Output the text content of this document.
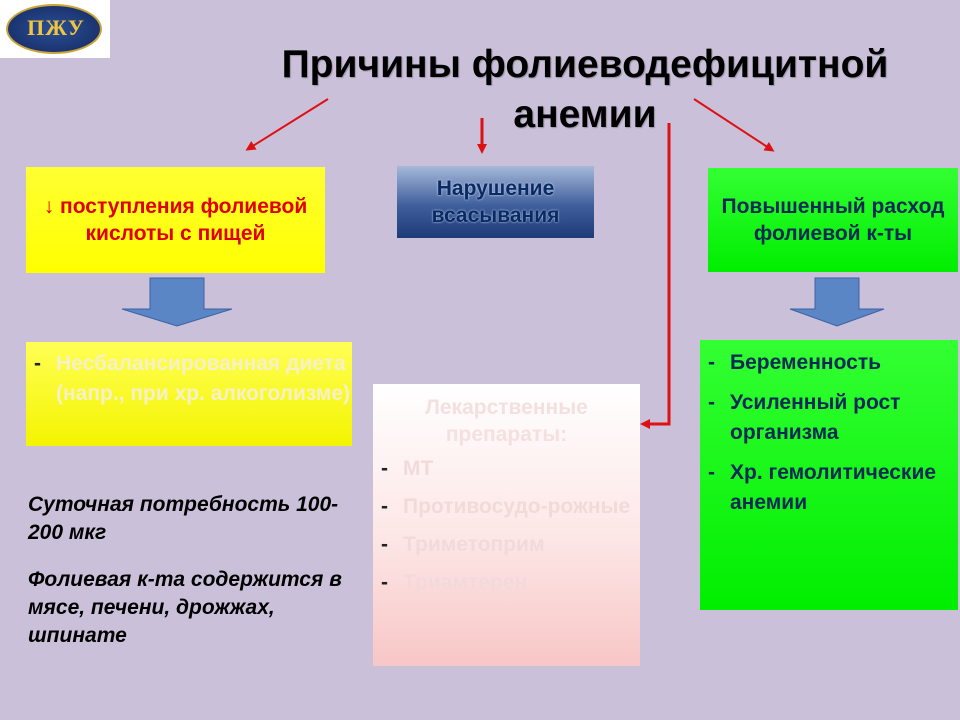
ПЖУ
Причины фолиеводефицитной анемии
↓ поступления фолиевой кислоты с пищей
Нарушение всасывания	Повышенный расход фолиевой к-ты
- Несбалансированная диета (напр., при хр. алкоголизме)
Лекарственные препараты:
- МТ
- Противосудо-рожные
- Триметоприм
- Триамтерен
- Беременность
- Усиленный рост организма
- Хр. гемолитические анемии
Суточная потребность 100-200 мкг
Фолиевая к-та содержится в мясе, печени, дрожжах, шпинате
